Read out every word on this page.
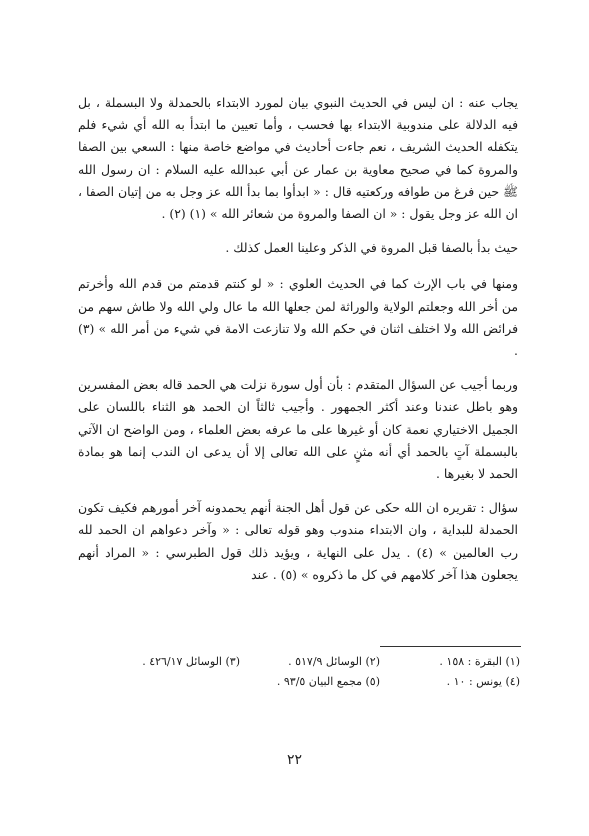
يجاب عنه : ان ليس في الحديث النبوي بيان لمورد الابتداء بالحمدلة ولا البسملة ، بل فيه الدلالة على مندوبية الابتداء بها فحسب ، وأما تعيين ما ابتدأ به الله أي شيء فلم يتكفله الحديث الشريف ، نعم جاءت أحاديث في مواضع خاصة منها : السعي بين الصفا والمروة كما في صحيح معاوية بن عمار عن أبي عبدالله عليه السلام : ان رسول الله ﷺ حين فرغ من طوافه وركعتيه قال : « ابدأوا بما بدأ الله عز وجل به من إتيان الصفا ، ان الله عز وجل يقول : « ان الصفا والمروة من شعائر الله » (١) (٢) .

حيث بدأ بالصفا قبل المروة في الذكر وعلينا العمل كذلك .

ومنها في باب الإرث كما في الحديث العلوي : « لو كنتم قدمتم من قدم الله وأخرتم من أخر الله وجعلتم الولاية والوراثة لمن جعلها الله ما عال ولي الله ولا طاش سهم من فرائض الله ولا اختلف اثنان في حكم الله ولا تنازعت الامة في شيء من أمر الله » (٣) .

وربما أجيب عن السؤال المتقدم : بأن أول سورة نزلت هي الحمد قاله بعض المفسرين وهو باطل عندنا وعند أكثر الجمهور . وأجيب ثالثاً ان الحمد هو الثناء باللسان على الجميل الاختياري نعمة كان أو غيرها على ما عرفه بعض العلماء ، ومن الواضح ان الآتي بالبسملة آتٍ بالحمد أي أنه مثنٍ على الله تعالى إلا أن يدعى ان الندب إنما هو بمادة الحمد لا بغيرها .

سؤال : تقريره ان الله حكى عن قول أهل الجنة أنهم يحمدونه آخر أمورهم فكيف تكون الحمدلة للبداية ، وان الابتداء مندوب وهو قوله تعالى : « وآخر دعواهم ان الحمد لله رب العالمين » (٤) . يدل على النهاية ، ويؤيد ذلك قول الطبرسي : « المراد أنهم يجعلون هذا آخر كلامهم في كل ما ذكروه » (٥) . عند

(١) البقرة : ١٥٨ .
(٢) الوسائل ٥١٧/٩ .
(٣) الوسائل ٤٢٦/١٧ .
(٤) يونس : ١٠ .
(٥) مجمع البيان ٩٣/٥ .
٢٢
